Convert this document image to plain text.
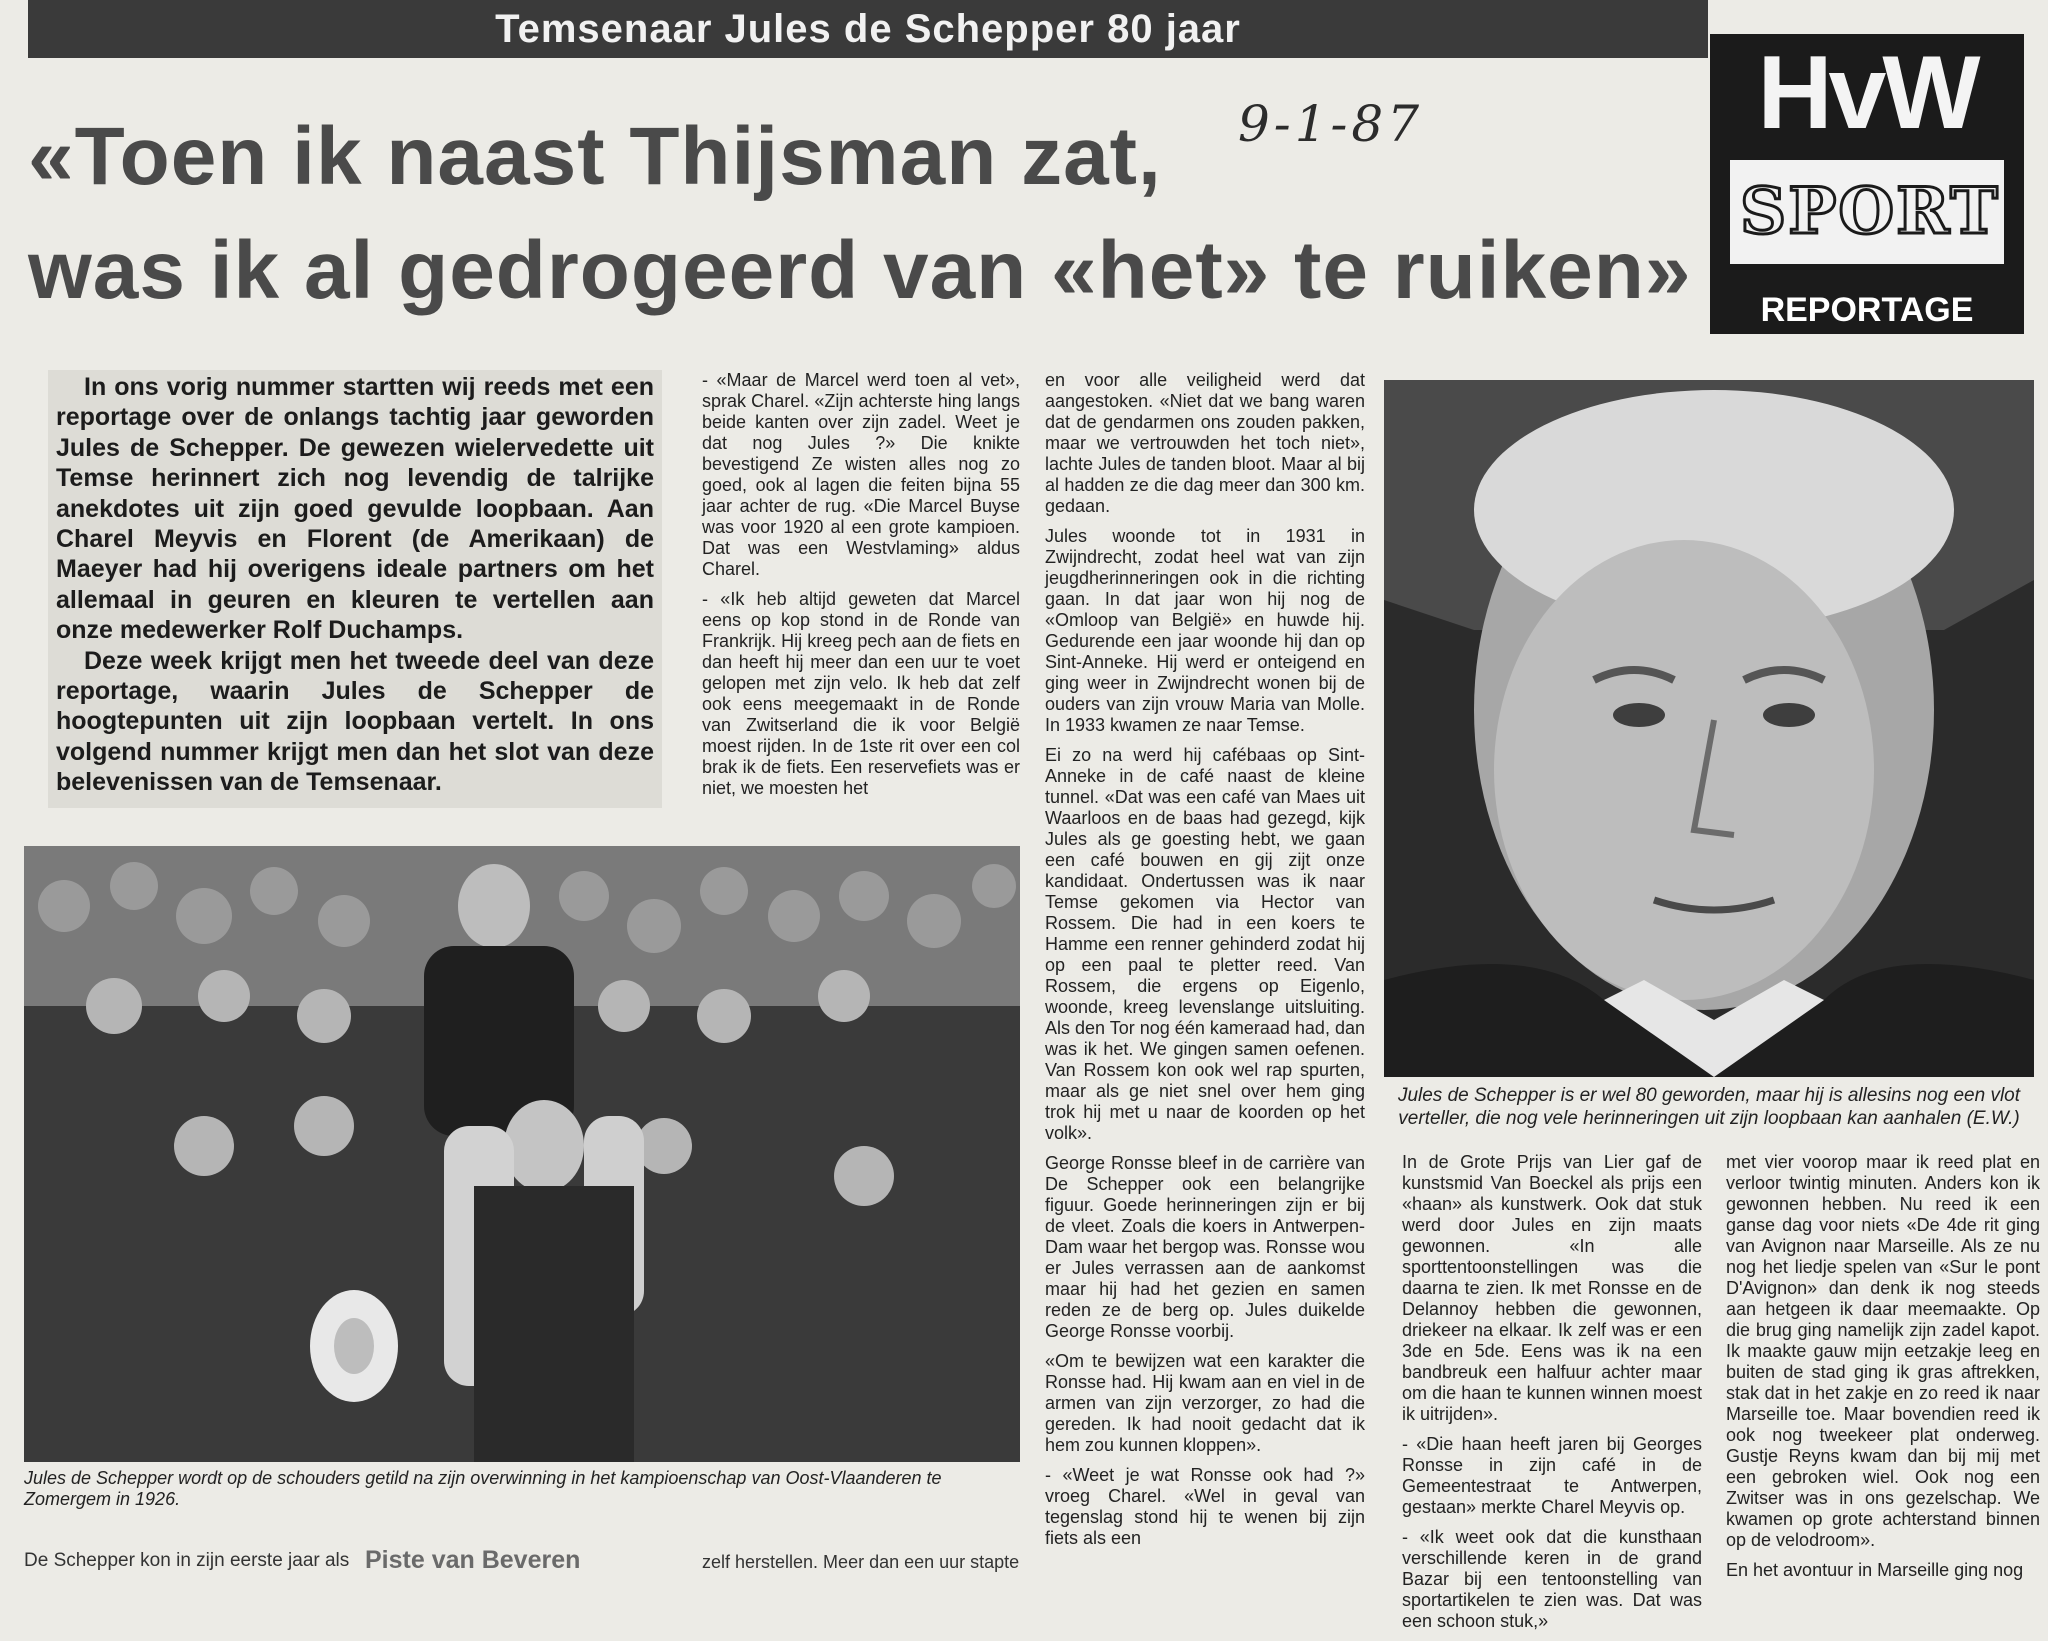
Temsenaar Jules de Schepper 80 jaar
«Toen ik naast Thijsman zat,
was ik al gedrogeerd van «het» te ruiken»
9-1-87	HvW
SPORT
REPORTAGE

In ons vorig nummer startten wij reeds met een reportage over de onlangs tachtig jaar geworden Jules de Schepper. De gewezen wielervedette uit Temse herinnert zich nog levendig de talrijke anekdotes uit zijn goed gevulde loopbaan. Aan Charel Meyvis en Florent (de Amerikaan) de Maeyer had hij overigens ideale partners om het allemaal in geuren en kleuren te vertellen aan onze medewerker Rolf Duchamps.

Deze week krijgt men het tweede deel van deze reportage, waarin Jules de Schepper de hoogtepunten uit zijn loopbaan vertelt. In ons volgend nummer krijgt men dan het slot van deze belevenissen van de Temsenaar.

- «Maar de Marcel werd toen al vet», sprak Charel. «Zijn achterste hing langs beide kanten over zijn zadel. Weet je dat nog Jules ?» Die knikte bevestigend Ze wisten alles nog zo goed, ook al lagen die feiten bijna 55 jaar achter de rug. «Die Marcel Buyse was voor 1920 al een grote kampioen. Dat was een Westvlaming» aldus Charel.

- «Ik heb altijd geweten dat Marcel eens op kop stond in de Ronde van Frankrijk. Hij kreeg pech aan de fiets en dan heeft hij meer dan een uur te voet gelopen met zijn velo. Ik heb dat zelf ook eens meegemaakt in de Ronde van Zwitserland die ik voor België moest rijden. In de 1ste rit over een col brak ik de fiets. Een reservefiets was er niet, we moesten het

en voor alle veiligheid werd dat aangestoken. «Niet dat we bang waren dat de gendarmen ons zouden pakken, maar we vertrouwden het toch niet», lachte Jules de tanden bloot. Maar al bij al hadden ze die dag meer dan 300 km. gedaan.

Jules woonde tot in 1931 in Zwijndrecht, zodat heel wat van zijn jeugdherinneringen ook in die richting gaan. In dat jaar won hij nog de «Omloop van België» en huwde hij. Gedurende een jaar woonde hij dan op Sint-Anneke. Hij werd er onteigend en ging weer in Zwijndrecht wonen bij de ouders van zijn vrouw Maria van Molle. In 1933 kwamen ze naar Temse.

Ei zo na werd hij cafébaas op Sint-Anneke in de café naast de kleine tunnel. «Dat was een café van Maes uit Waarloos en de baas had gezegd, kijk Jules als ge goesting hebt, we gaan een café bouwen en gij zijt onze kandidaat. Ondertussen was ik naar Temse gekomen via Hector van Rossem. Die had in een koers te Hamme een renner gehinderd zodat hij op een paal te pletter reed. Van Rossem, die ergens op Eigenlo, woonde, kreeg levenslange uitsluiting. Als den Tor nog één kameraad had, dan was ik het. We gingen samen oefenen. Van Rossem kon ook wel rap spurten, maar als ge niet snel over hem ging trok hij met u naar de koorden op het volk».

George Ronsse bleef in de carrière van De Schepper ook een belangrijke figuur. Goede herinneringen zijn er bij de vleet. Zoals die koers in Antwerpen-Dam waar het bergop was. Ronsse wou er Jules verrassen aan de aankomst maar hij had het gezien en samen reden ze de berg op. Jules duikelde George Ronsse voorbij.

«Om te bewijzen wat een karakter die Ronsse had. Hij kwam aan en viel in de armen van zijn verzorger, zo had die gereden. Ik had nooit gedacht dat ik hem zou kunnen kloppen».

- «Weet je wat Ronsse ook had ?» vroeg Charel. «Wel in geval van tegenslag stond hij te wenen bij zijn fiets als een

Jules de Schepper is er wel 80 geworden, maar hij is allesins nog een vlot verteller, die nog vele herinneringen uit zijn loopbaan kan aanhalen (E.W.)
Jules de Schepper wordt op de schouders getild na zijn overwinning in het kampioenschap van Oost-Vlaanderen te Zomergem in 1926.

In de Grote Prijs van Lier gaf de kunstsmid Van Boeckel als prijs een «haan» als kunstwerk. Ook dat stuk werd door Jules en zijn maats gewonnen. «In alle sporttentoonstellingen was die daarna te zien. Ik met Ronsse en de Delannoy hebben die gewonnen, driekeer na elkaar. Ik zelf was er een 3de en 5de. Eens was ik na een bandbreuk een halfuur achter maar om die haan te kunnen winnen moest ik uitrijden».

- «Die haan heeft jaren bij Georges Ronsse in zijn café in de Gemeentestraat te Antwerpen, gestaan» merkte Charel Meyvis op.

- «Ik weet ook dat die kunsthaan verschillende keren in de grand Bazar bij een tentoonstelling van sportartikelen te zien was. Dat was een schoon stuk,»

met vier voorop maar ik reed plat en verloor twintig minuten. Anders kon ik gewonnen hebben. Nu reed ik een ganse dag voor niets «De 4de rit ging van Avignon naar Marseille. Als ze nu nog het liedje spelen van «Sur le pont D'Avignon» dan denk ik nog steeds aan hetgeen ik daar meemaakte. Op die brug ging namelijk zijn zadel kapot. Ik maakte gauw mijn eetzakje leeg en buiten de stad ging ik gras aftrekken, stak dat in het zakje en zo reed ik naar Marseille toe. Maar bovendien reed ik ook nog tweekeer plat onderweg. Gustje Reyns kwam dan bij mij met een gebroken wiel. Ook nog een Zwitser was in ons gezelschap. We kwamen op grote achterstand binnen op de velodroom».

En het avontuur in Marseille ging nog

De Schepper kon in zijn eerste jaar als Piste van Beveren	zelf herstellen. Meer dan een uur stapte
